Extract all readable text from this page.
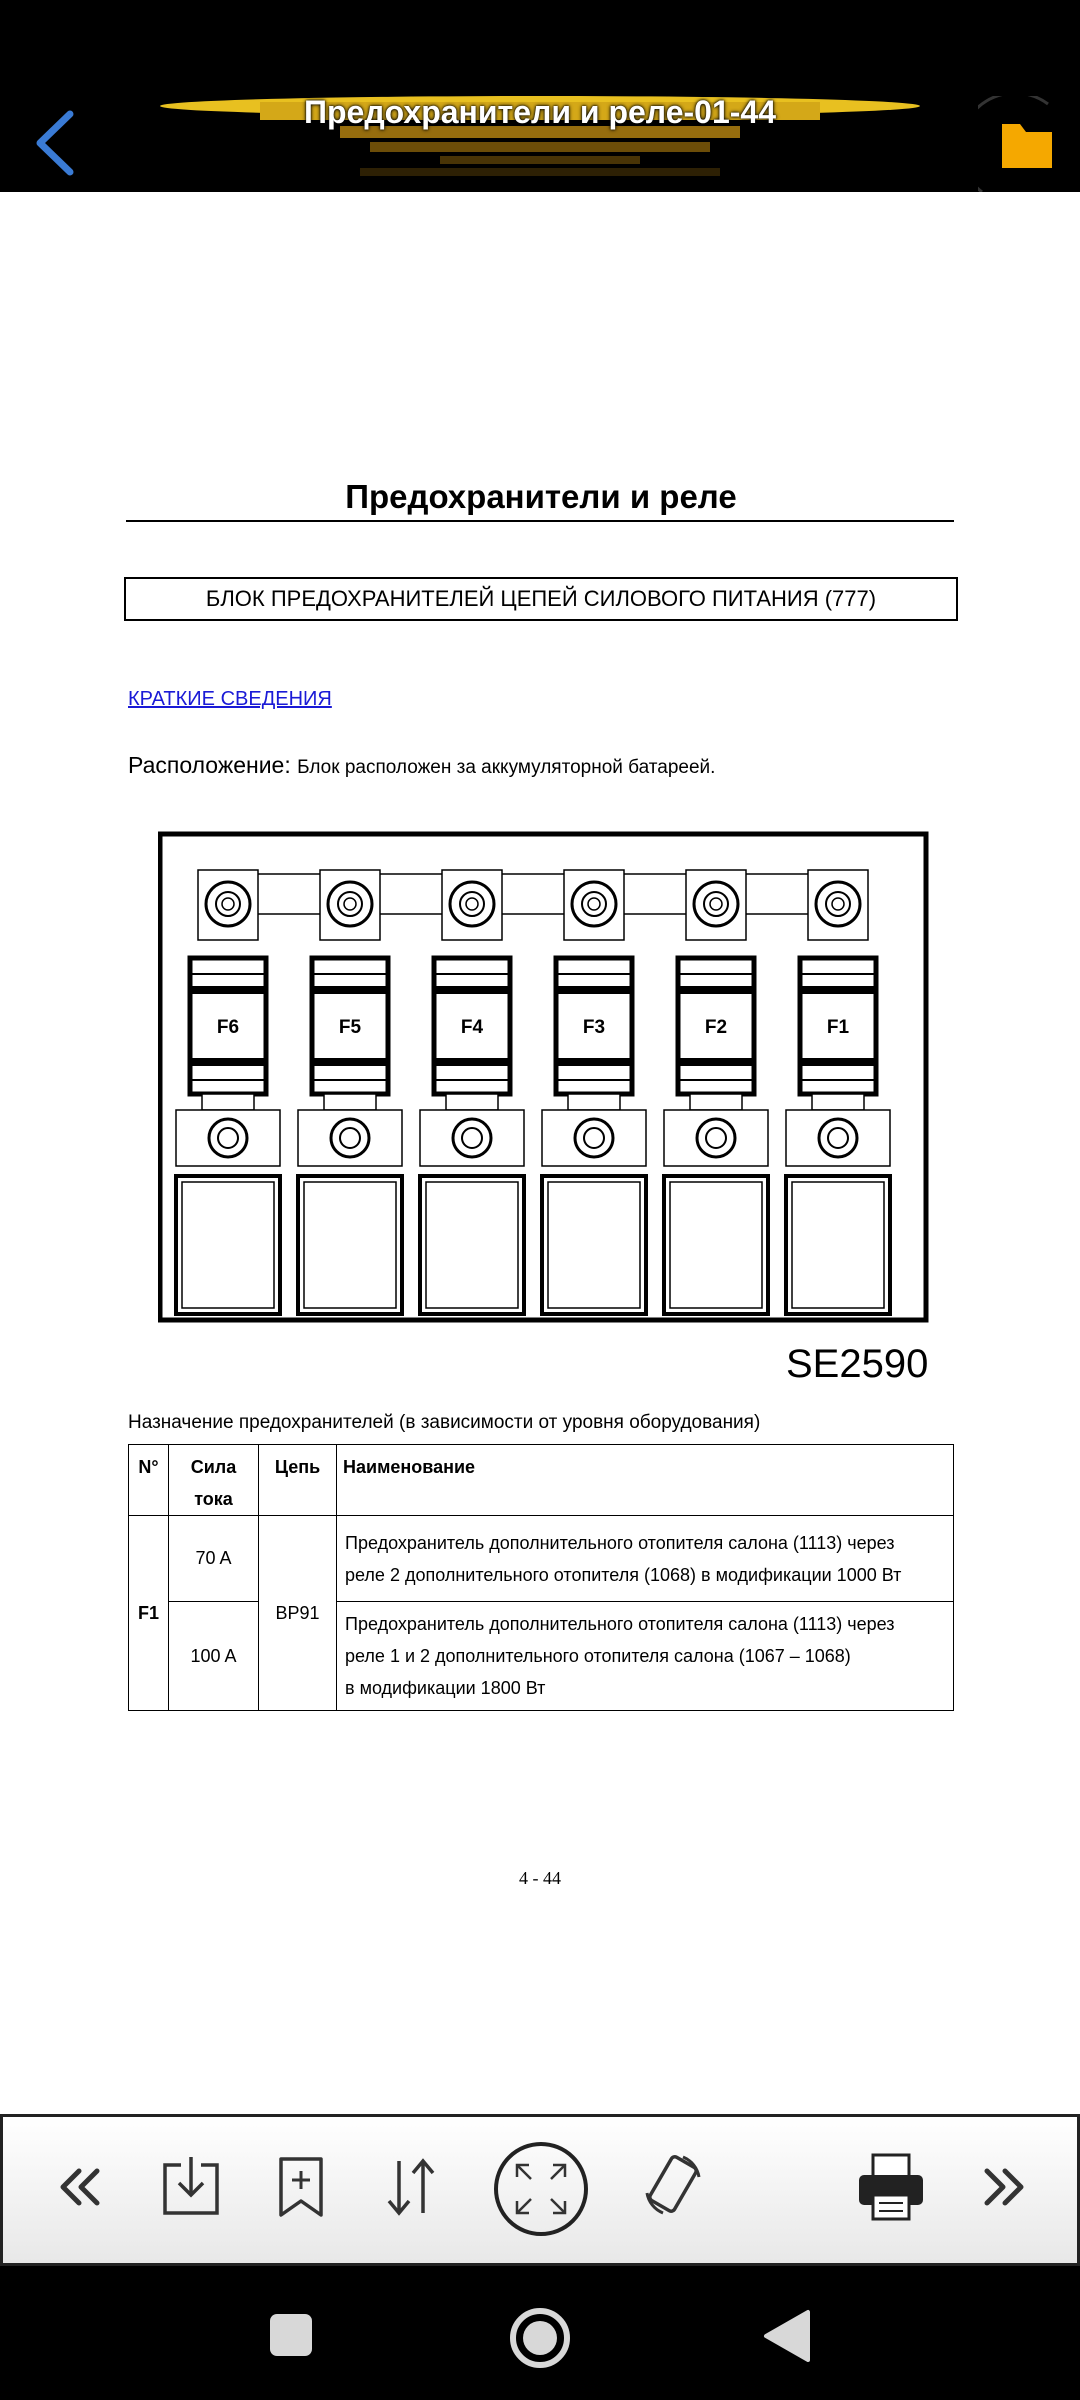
Предохранители и реле-01-44
Предохранители и реле
БЛОК ПРЕДОХРАНИТЕЛЕЙ ЦЕПЕЙ СИЛОВОГО ПИТАНИЯ (777)
КРАТКИЕ СВЕДЕНИЯ
Расположение: Блок расположен за аккумуляторной батареей.
F6	F5	F4	F3	F2	F1
SE2590
Назначение предохранителей (в зависимости от уровня оборудования)
N°	Сила тока	Цепь	Наименование
F1	70 A	BP91	Предохранитель дополнительного отопителя салона (1113) через
реле 2 дополнительного отопителя (1068) в модификации 1000 Вт

	100 A		Предохранитель дополнительного отопителя салона (1113) через
реле 1 и 2 дополнительного отопителя салона (1067 – 1068)
в модификации 1800 Вт
4 - 44
